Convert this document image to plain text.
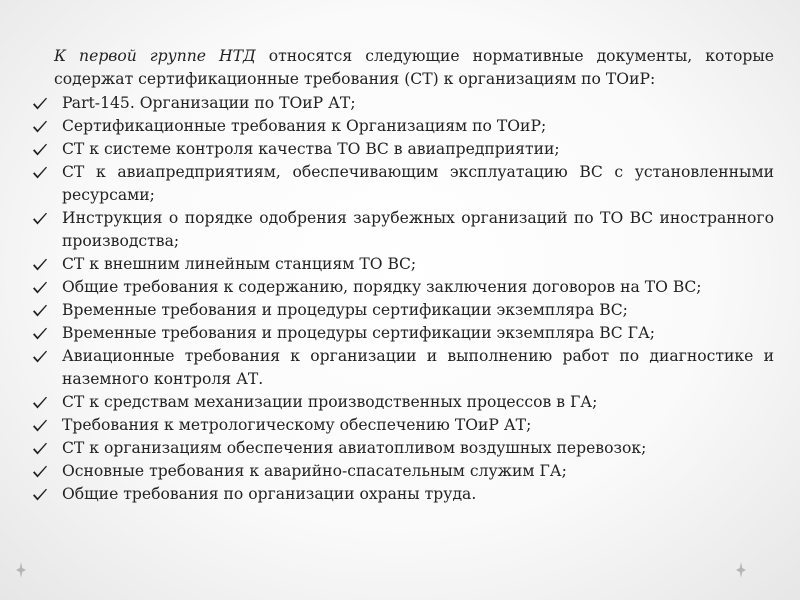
К первой группе НТД относятся следующие нормативные документы, которые содержат сертификационные требования (СТ) к организациям по ТОиР:

Part-145. Организации по ТОиР АТ;
Сертификационные требования к Организациям по ТОиР;
СТ к системе контроля качества ТО ВС в авиапредприятии;
СТ к авиапредприятиям, обеспечивающим эксплуатацию ВС с установленными ресурсами;
Инструкция о порядке одобрения зарубежных организаций по ТО ВС иностранного производства;
СТ к внешним линейным станциям ТО ВС;
Общие требования к содержанию, порядку заключения договоров на ТО ВС;
Временные требования и процедуры сертификации экземпляра ВС;
Временные требования и процедуры сертификации экземпляра ВС ГА;
Авиационные требования к организации и выполнению работ по диагностике и наземного контроля АТ.
СТ к средствам механизации производственных процессов в ГА;
Требования к метрологическому обеспечению ТОиР АТ;
СТ к организациям обеспечения авиатопливом воздушных перевозок;
Основные требования к аварийно-спасательным служим ГА;
Общие требования по организации охраны труда.
